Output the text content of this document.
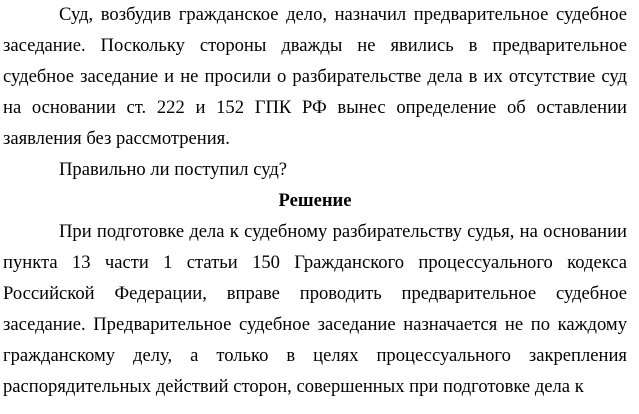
Суд, возбудив гражданское дело, назначил предварительное судебное заседание. Поскольку стороны дважды не явились в предварительное судебное заседание и не просили о разбирательстве дела в их отсутствие суд на основании ст. 222 и 152 ГПК РФ вынес определение об оставлении заявления без рассмотрения.

Правильно ли поступил суд?

Решение

При подготовке дела к судебному разбирательству судья, на основании пункта 13 части 1 статьи 150 Гражданского процессуального кодекса Российской Федерации, вправе проводить предварительное судебное заседание. Предварительное судебное заседание назначается не по каждому гражданскому делу, а только в целях процессуального закрепления распорядительных действий сторон, совершенных при подготовке дела к
